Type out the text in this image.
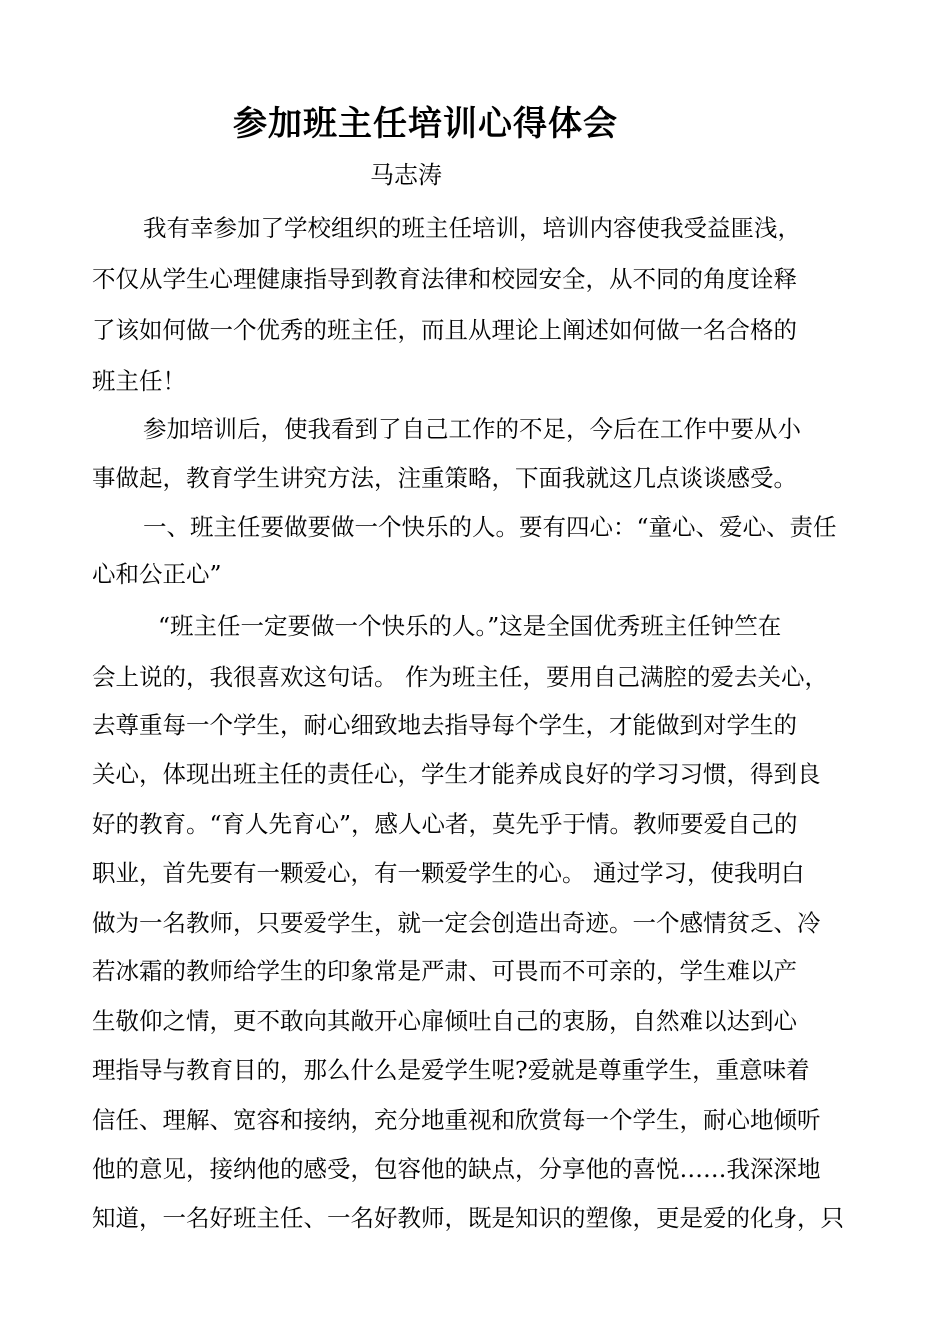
参加班主任培训心得体会
马志涛
我有幸参加了学校组织的班主任培训，培训内容使我受益匪浅，
不仅从学生心理健康指导到教育法律和校园安全，从不同的角度诠释
了该如何做一个优秀的班主任，而且从理论上阐述如何做一名合格的
班主任！
参加培训后，使我看到了自己工作的不足，今后在工作中要从小
事做起，教育学生讲究方法，注重策略，下面我就这几点谈谈感受。
一、班主任要做要做一个快乐的人。要有四心：“童心、爱心、责任
心和公正心”
“班主任一定要做一个快乐的人。”这是全国优秀班主任钟竺在
会上说的，我很喜欢这句话。 作为班主任，要用自己满腔的爱去关心，
去尊重每一个学生，耐心细致地去指导每个学生，才能做到对学生的
关心，体现出班主任的责任心，学生才能养成良好的学习习惯，得到良
好的教育。“育人先育心”，感人心者，莫先乎于情。教师要爱自己的
职业，首先要有一颗爱心，有一颗爱学生的心。 通过学习，使我明白
做为一名教师，只要爱学生，就一定会创造出奇迹。一个感情贫乏、冷
若冰霜的教师给学生的印象常是严肃、可畏而不可亲的，学生难以产
生敬仰之情，更不敢向其敞开心扉倾吐自己的衷肠，自然难以达到心
理指导与教育目的，那么什么是爱学生呢?爱就是尊重学生，重意味着
信任、理解、宽容和接纳，充分地重视和欣赏每一个学生，耐心地倾听
他的意见，接纳他的感受，包容他的缺点，分享他的喜悦……我深深地
知道，一名好班主任、一名好教师，既是知识的塑像，更是爱的化身，只
